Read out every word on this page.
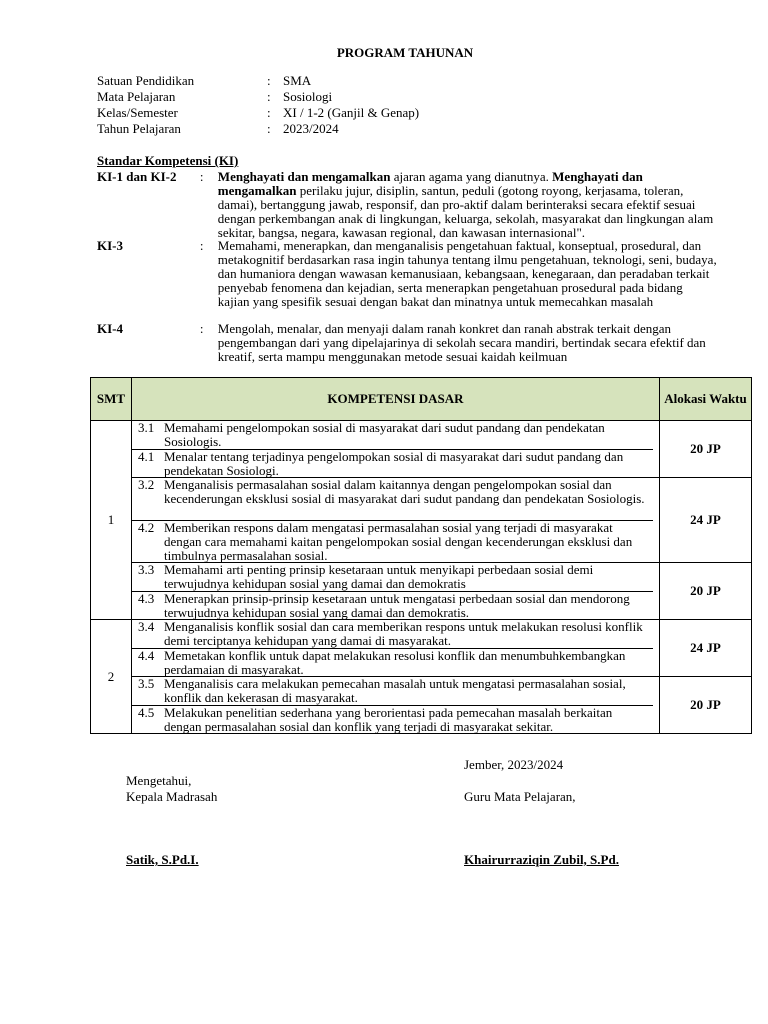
PROGRAM TAHUNAN
Satuan Pendidikan	: SMA
Mata Pelajaran	: Sosiologi
Kelas/Semester	: XI / 1-2 (Ganjil & Genap)
Tahun Pelajaran	: 2023/2024
Standar Kompetensi (KI)
KI-1 dan KI-2	:	Menghayati dan mengamalkan ajaran agama yang dianutnya. Menghayati dan mengamalkan perilaku jujur, disiplin, santun, peduli (gotong royong, kerjasama, toleran, damai), bertanggung jawab, responsif, dan pro-aktif dalam berinteraksi secara efektif sesuai dengan perkembangan anak di lingkungan, keluarga, sekolah, masyarakat dan lingkungan alam sekitar, bangsa, negara, kawasan regional, dan kawasan internasional".
KI-3	:	Memahami, menerapkan, dan menganalisis pengetahuan faktual, konseptual, prosedural, dan metakognitif berdasarkan rasa ingin tahunya tentang ilmu pengetahuan, teknologi, seni, budaya, dan humaniora dengan wawasan kemanusiaan, kebangsaan, kenegaraan, dan peradaban terkait penyebab fenomena dan kejadian, serta menerapkan pengetahuan prosedural pada bidang kajian yang spesifik sesuai dengan bakat dan minatnya untuk memecahkan masalah
KI-4	:	Mengolah, menalar, dan menyaji dalam ranah konkret dan ranah abstrak terkait dengan pengembangan dari yang dipelajarinya di sekolah secara mandiri, bertindak secara efektif dan kreatif, serta mampu menggunakan metode sesuai kaidah keilmuan
SMT	KOMPETENSI DASAR	Alokasi Waktu
1	3.1 Memahami pengelompokan sosial di masyarakat dari sudut pandang dan pendekatan Sosiologis.
4.1 Menalar tentang terjadinya pengelompokan sosial di masyarakat dari sudut pandang dan pendekatan Sosiologi.	20 JP

	3.2 Menganalisis permasalahan sosial dalam kaitannya dengan pengelompokan sosial dan kecenderungan eksklusi sosial di masyarakat dari sudut pandang dan pendekatan Sosiologis.
4.2 Memberikan respons dalam mengatasi permasalahan sosial yang terjadi di masyarakat dengan cara memahami kaitan pengelompokan sosial dengan kecenderungan eksklusi dan timbulnya permasalahan sosial.	24 JP

	3.3 Memahami arti penting prinsip kesetaraan untuk menyikapi perbedaan sosial demi terwujudnya kehidupan sosial yang damai dan demokratis
4.3 Menerapkan prinsip-prinsip kesetaraan untuk mengatasi perbedaan sosial dan mendorong terwujudnya kehidupan sosial yang damai dan demokratis.	20 JP
2	3.4 Menganalisis konflik sosial dan cara memberikan respons untuk melakukan resolusi konflik demi terciptanya kehidupan yang damai di masyarakat.
4.4 Memetakan konflik untuk dapat melakukan resolusi konflik dan menumbuhkembangkan perdamaian di masyarakat.	24 JP

	3.5 Menganalisis cara melakukan pemecahan masalah untuk mengatasi permasalahan sosial, konflik dan kekerasan di masyarakat.
4.5 Melakukan penelitian sederhana yang berorientasi pada pemecahan masalah berkaitan dengan permasalahan sosial dan konflik yang terjadi di masyarakat sekitar.	20 JP
Jember, 2023/2024
Mengetahui,
Kepala Madrasah	Guru Mata Pelajaran,
Satik, S.Pd.I.	Khairurraziqin Zubil, S.Pd.
